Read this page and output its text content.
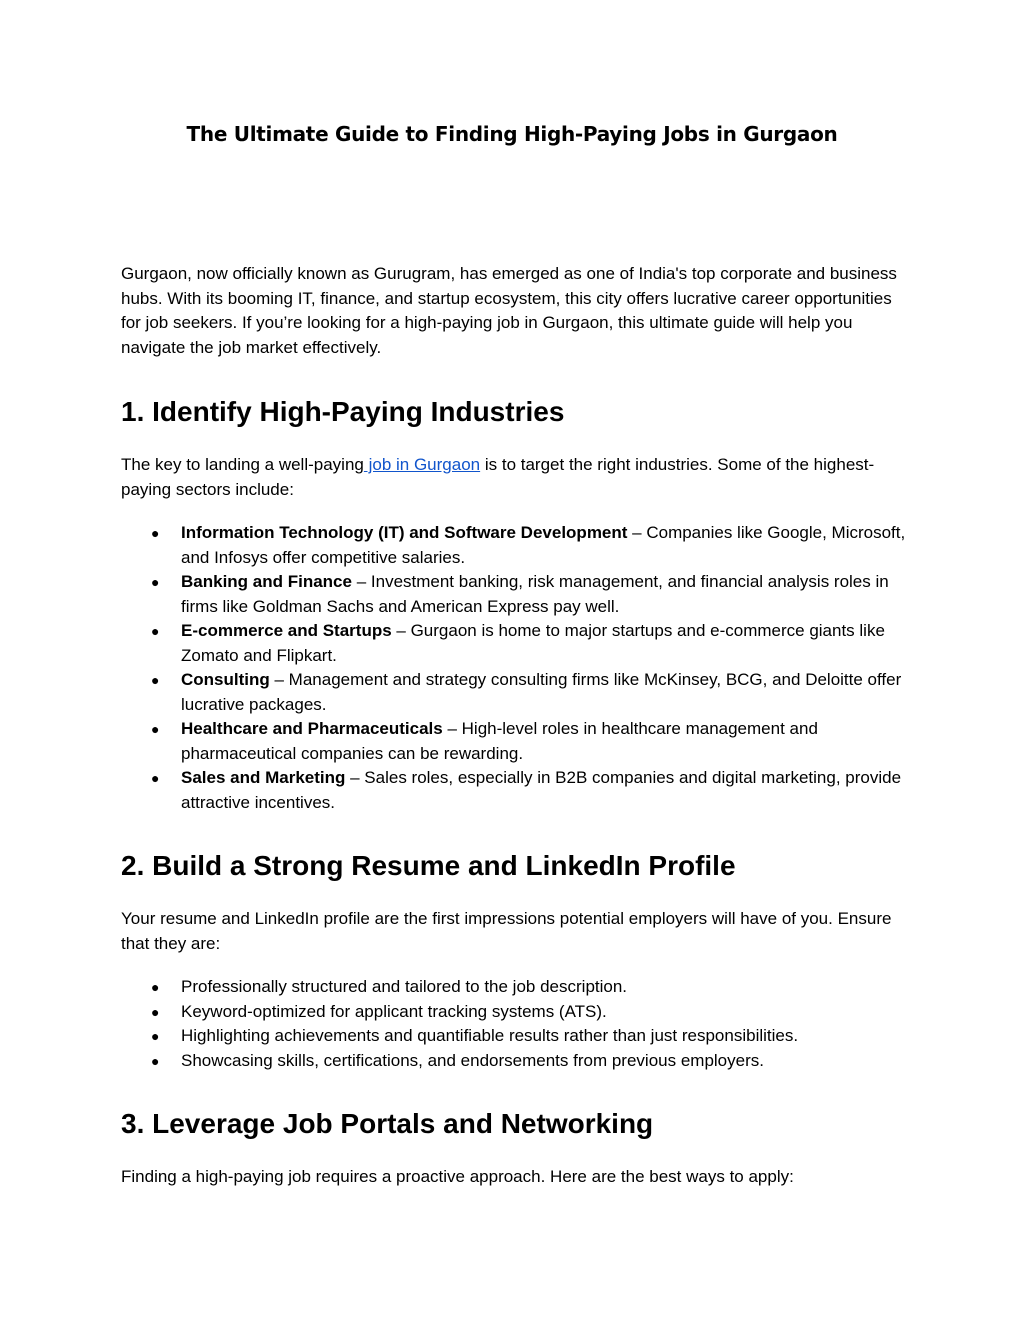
The Ultimate Guide to Finding High-Paying Jobs in Gurgaon

Gurgaon, now officially known as Gurugram, has emerged as one of India's top corporate and business hubs. With its booming IT, finance, and startup ecosystem, this city offers lucrative career opportunities for job seekers. If you’re looking for a high-paying job in Gurgaon, this ultimate guide will help you navigate the job market effectively.

1. Identify High-Paying Industries

The key to landing a well-paying job in Gurgaon is to target the right industries. Some of the highest-paying sectors include:

● Information Technology (IT) and Software Development – Companies like Google, Microsoft, and Infosys offer competitive salaries.
● Banking and Finance – Investment banking, risk management, and financial analysis roles in firms like Goldman Sachs and American Express pay well.
● E-commerce and Startups – Gurgaon is home to major startups and e-commerce giants like Zomato and Flipkart.
● Consulting – Management and strategy consulting firms like McKinsey, BCG, and Deloitte offer lucrative packages.
● Healthcare and Pharmaceuticals – High-level roles in healthcare management and pharmaceutical companies can be rewarding.
● Sales and Marketing – Sales roles, especially in B2B companies and digital marketing, provide attractive incentives.
2. Build a Strong Resume and LinkedIn Profile

Your resume and LinkedIn profile are the first impressions potential employers will have of you. Ensure that they are:

● Professionally structured and tailored to the job description.
● Keyword-optimized for applicant tracking systems (ATS).
● Highlighting achievements and quantifiable results rather than just responsibilities.
● Showcasing skills, certifications, and endorsements from previous employers.
3. Leverage Job Portals and Networking

Finding a high-paying job requires a proactive approach. Here are the best ways to apply:
